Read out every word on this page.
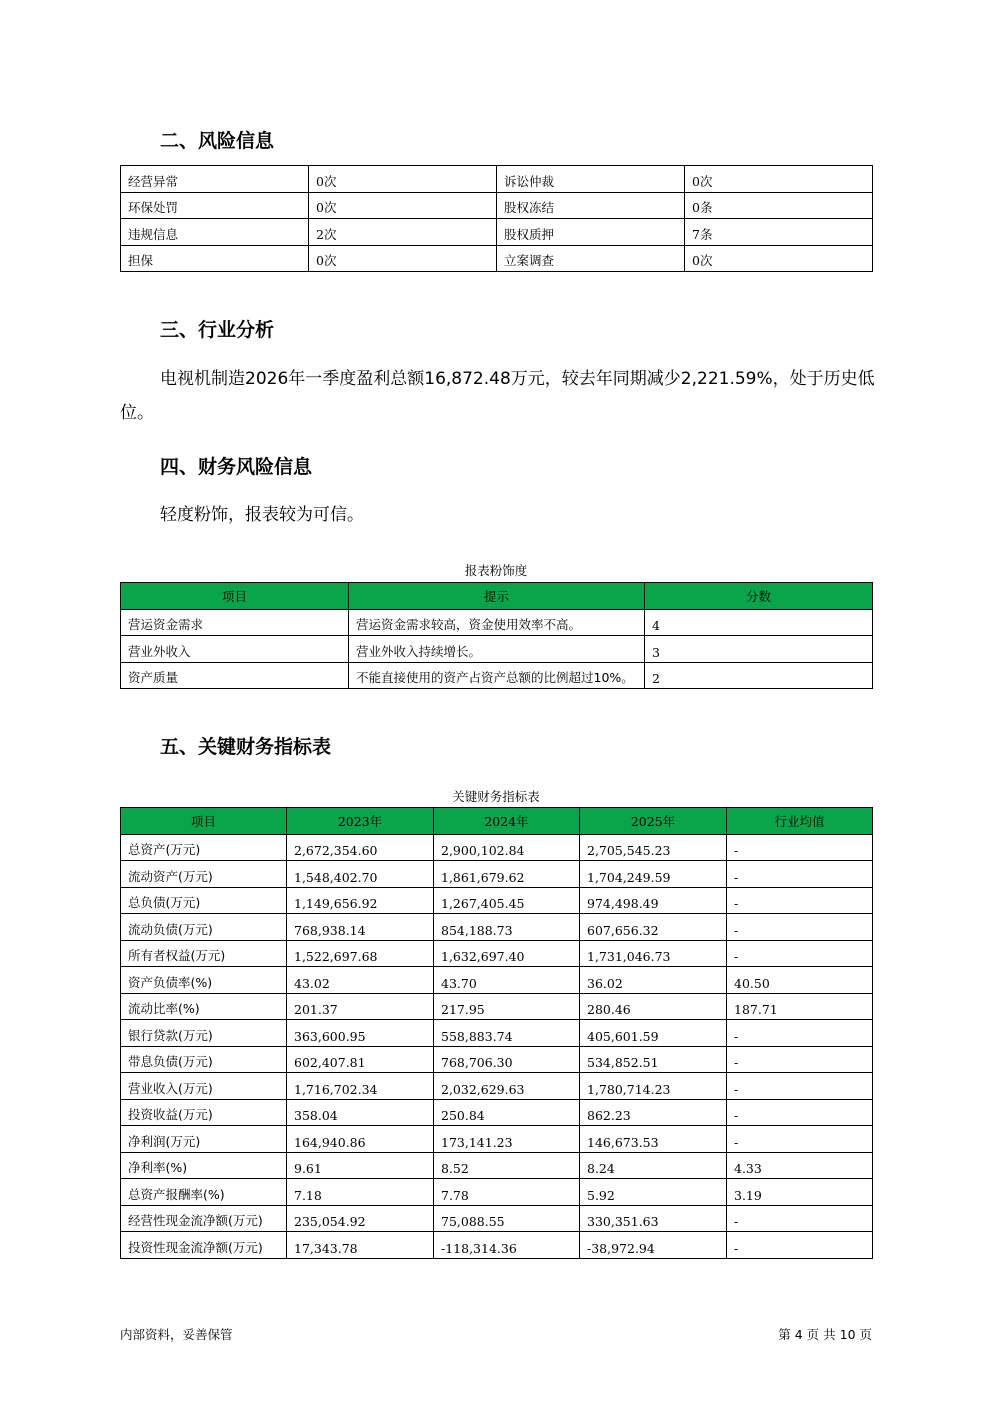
二、风险信息
经营异常	0次	诉讼仲裁	0次
环保处罚	0次	股权冻结	0条
违规信息	2次	股权质押	7条
担保	0次	立案调查	0次
三、行业分析

电视机制造2026年一季度盈利总额16,872.48万元，较去年同期减少2,221.59%，处于历史低位。

四、财务风险信息

轻度粉饰，报表较为可信。

报表粉饰度

项目	提示	分数
营运资金需求	营运资金需求较高，资金使用效率不高。	4
营业外收入	营业外收入持续增长。	3
资产质量	不能直接使用的资产占资产总额的比例超过10%。	2
五、关键财务指标表

关键财务指标表

项目	2023年	2024年	2025年	行业均值
总资产(万元)	2,672,354.60	2,900,102.84	2,705,545.23	-
流动资产(万元)	1,548,402.70	1,861,679.62	1,704,249.59	-
总负债(万元)	1,149,656.92	1,267,405.45	974,498.49	-
流动负债(万元)	768,938.14	854,188.73	607,656.32	-
所有者权益(万元)	1,522,697.68	1,632,697.40	1,731,046.73	-
资产负债率(%)	43.02	43.70	36.02	40.50
流动比率(%)	201.37	217.95	280.46	187.71
银行贷款(万元)	363,600.95	558,883.74	405,601.59	-
带息负债(万元)	602,407.81	768,706.30	534,852.51	-
营业收入(万元)	1,716,702.34	2,032,629.63	1,780,714.23	-
投资收益(万元)	358.04	250.84	862.23	-
净利润(万元)	164,940.86	173,141.23	146,673.53	-
净利率(%)	9.61	8.52	8.24	4.33
总资产报酬率(%)	7.18	7.78	5.92	3.19
经营性现金流净额(万元)	235,054.92	75,088.55	330,351.63	-
投资性现金流净额(万元)	17,343.78	-118,314.36	-38,972.94	-
内部资料，妥善保管	第 4 页 共 10 页
